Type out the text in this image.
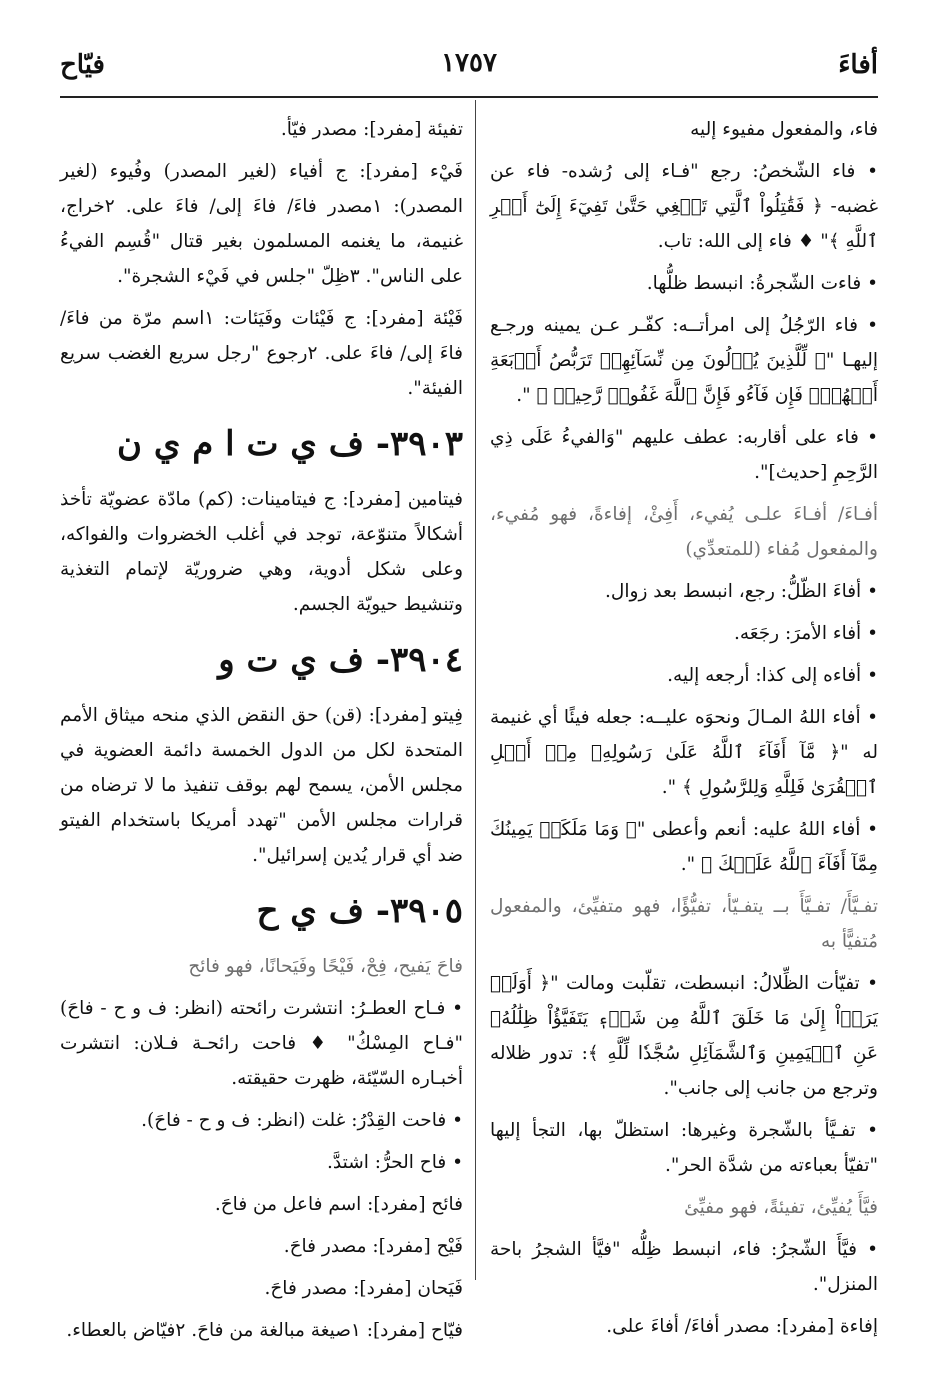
أفاءَ
١٧٥٧
فيّاح

فاء، والمفعول مفيوء إليه

• فاء الشّخصُ: رجع "فـاء إلى رُشده- فاء عن غضبه- ﴿ فَقَٰتِلُواْ ٱلَّتِي تَبۡغِي حَتَّىٰ تَفِيٓءَ إِلَىٰٓ أَمۡرِ ٱللَّهِ ﴾" ♦ فاء إلى الله: تاب.

• فاءت الشّجرةُ: انبسط ظلُّها.

• فاء الرّجُلُ إلى امرأتــه: كفّـر عـن يمينه ورجـع إليهـا "﴿ لِّلَّذِينَ يُؤۡلُونَ مِن نِّسَآئِهِمۡ تَرَبُّصُ أَرۡبَعَةِ أَشۡهُرٖۖ فَإِن فَآءُو فَإِنَّ ٱللَّهَ غَفُورٞ رَّحِيمٞ ﴾ ".

• فاء على أقاربه: عطف عليهم "وَالفيءُ عَلَى ذِي الرَّحِمِ [حديث]".

أفـاءَ/ أفـاءَ علـى يُفيء، أَفِئْ، إفاءةً، فهو مُفيء، والمفعول مُفاء (للمتعدِّي)

• أفاءَ الظّلُّ: رجع، انبسط بعد زوال.

• أفاء الأمرَ: رجَعَه.

• أفاءه إلى كذا: أرجعه إليه.

• أفاء اللهُ المـالَ ونحوَه عليــه: جعله فيئًا أي غنيمة له "﴿ مَّآ أَفَآءَ ٱللَّهُ عَلَىٰ رَسُولِهِۦ مِنۡ أَهۡلِ ٱلۡقُرَىٰ فَلِلَّهِ وَلِلرَّسُولِ ﴾ ".

• أفاء اللهُ عليه: أنعم وأعطى "﴿ وَمَا مَلَكَتۡ يَمِينُكَ مِمَّآ أَفَآءَ ٱللَّهُ عَلَيۡكَ ﴾ ".

تفـيَّأَ/ تفـيَّأَ بــ يتفـيّأ، تفيُّؤًا، فهو متفيِّئ، والمفعول مُتفيًّأ به

• تفيّأت الظِّلالُ: انبسطت، تقلّبت ومالت "﴿ أَوَلَمۡ يَرَوۡاْ إِلَىٰ مَا خَلَقَ ٱللَّهُ مِن شَيۡءٖ يَتَفَيَّؤُاْ ظِلَٰلُهُۥ عَنِ ٱلۡيَمِينِ وَٱلشَّمَآئِلِ سُجَّدٗا لِّلَّهِ ﴾: تدور ظلاله وترجع من جانب إلى جانب".

• تفـيَّأ بالشّجرة وغيرها: استظلّ بها، التجأ إليها "تفيّأ بعباءته من شدَّة الحر".

فيَّأَ يُفيِّئ، تفيئةً، فهو مفيِّئ

• فيَّأَ الشّجرُ: فاء، انبسط ظِلُّه "فيَّأ الشجرُ باحة المنزل".

إفاءة [مفرد]: مصدر أفاءَ/ أفاءَ على.

تفيئة [مفرد]: مصدر فيّأ.

فَيْء [مفرد]: ج أفياء (لغير المصدر) وفُيوء (لغير المصدر): ١مصدر فاءَ/ فاءَ إلى/ فاءَ على. ٢خراج، غنيمة، ما يغنمه المسلمون بغير قتال "قُسِم الفيءُ على الناس". ٣ظِلّ "جلس في فَيْء الشجرة".

فَيْئة [مفرد]: ج فَيْئات وفَيَئات: ١اسم مرّة من فاءَ/ فاءَ إلى/ فاءَ على. ٢رجوع "رجل سريع الغضب سريع الفيئة".

٣٩٠٣- ف ي ت ا م ي ن

فيتامين [مفرد]: ج فيتامينات: (كم) مادّة عضويّة تأخذ أشكالاً متنوّعة، توجد في أغلب الخضروات والفواكه، وعلى شكل أدوية، وهي ضروريّة لإتمام التغذية وتنشيط حيويّة الجسم.

٣٩٠٤- ف ي ت و

فِيتو [مفرد]: (قن) حق النقض الذي منحه ميثاق الأمم المتحدة لكل من الدول الخمسة دائمة العضوية في مجلس الأمن، يسمح لهم بوقف تنفيذ ما لا ترضاه من قرارات مجلس الأمن "تهدد أمريكا باستخدام الفيتو ضد أي قرار يُدين إسرائيل".

٣٩٠٥- ف ي ح

فاحَ يَفيح، فِحْ، فَيْحًا وفَيَحانًا، فهو فائح

• فـاح العطـرُ: انتشرت رائحته (انظر: ف و ح - فاحَ) "فـاح المِسْكُ" ♦ فاحت رائحـة فـلان: انتشرت أخبـاره السّيّئة، ظهرت حقيقته.

• فاحت القِدْرُ: غلت (انظر: ف و ح - فاحَ).

• فاح الحرُّ: اشتدَّ.

فائح [مفرد]: اسم فاعل من فاحَ.

فَيْح [مفرد]: مصدر فاحَ.

فَيَحان [مفرد]: مصدر فاحَ.

فيّاح [مفرد]: ١صيغة مبالغة من فاحَ. ٢فيّاض بالعطاء.
